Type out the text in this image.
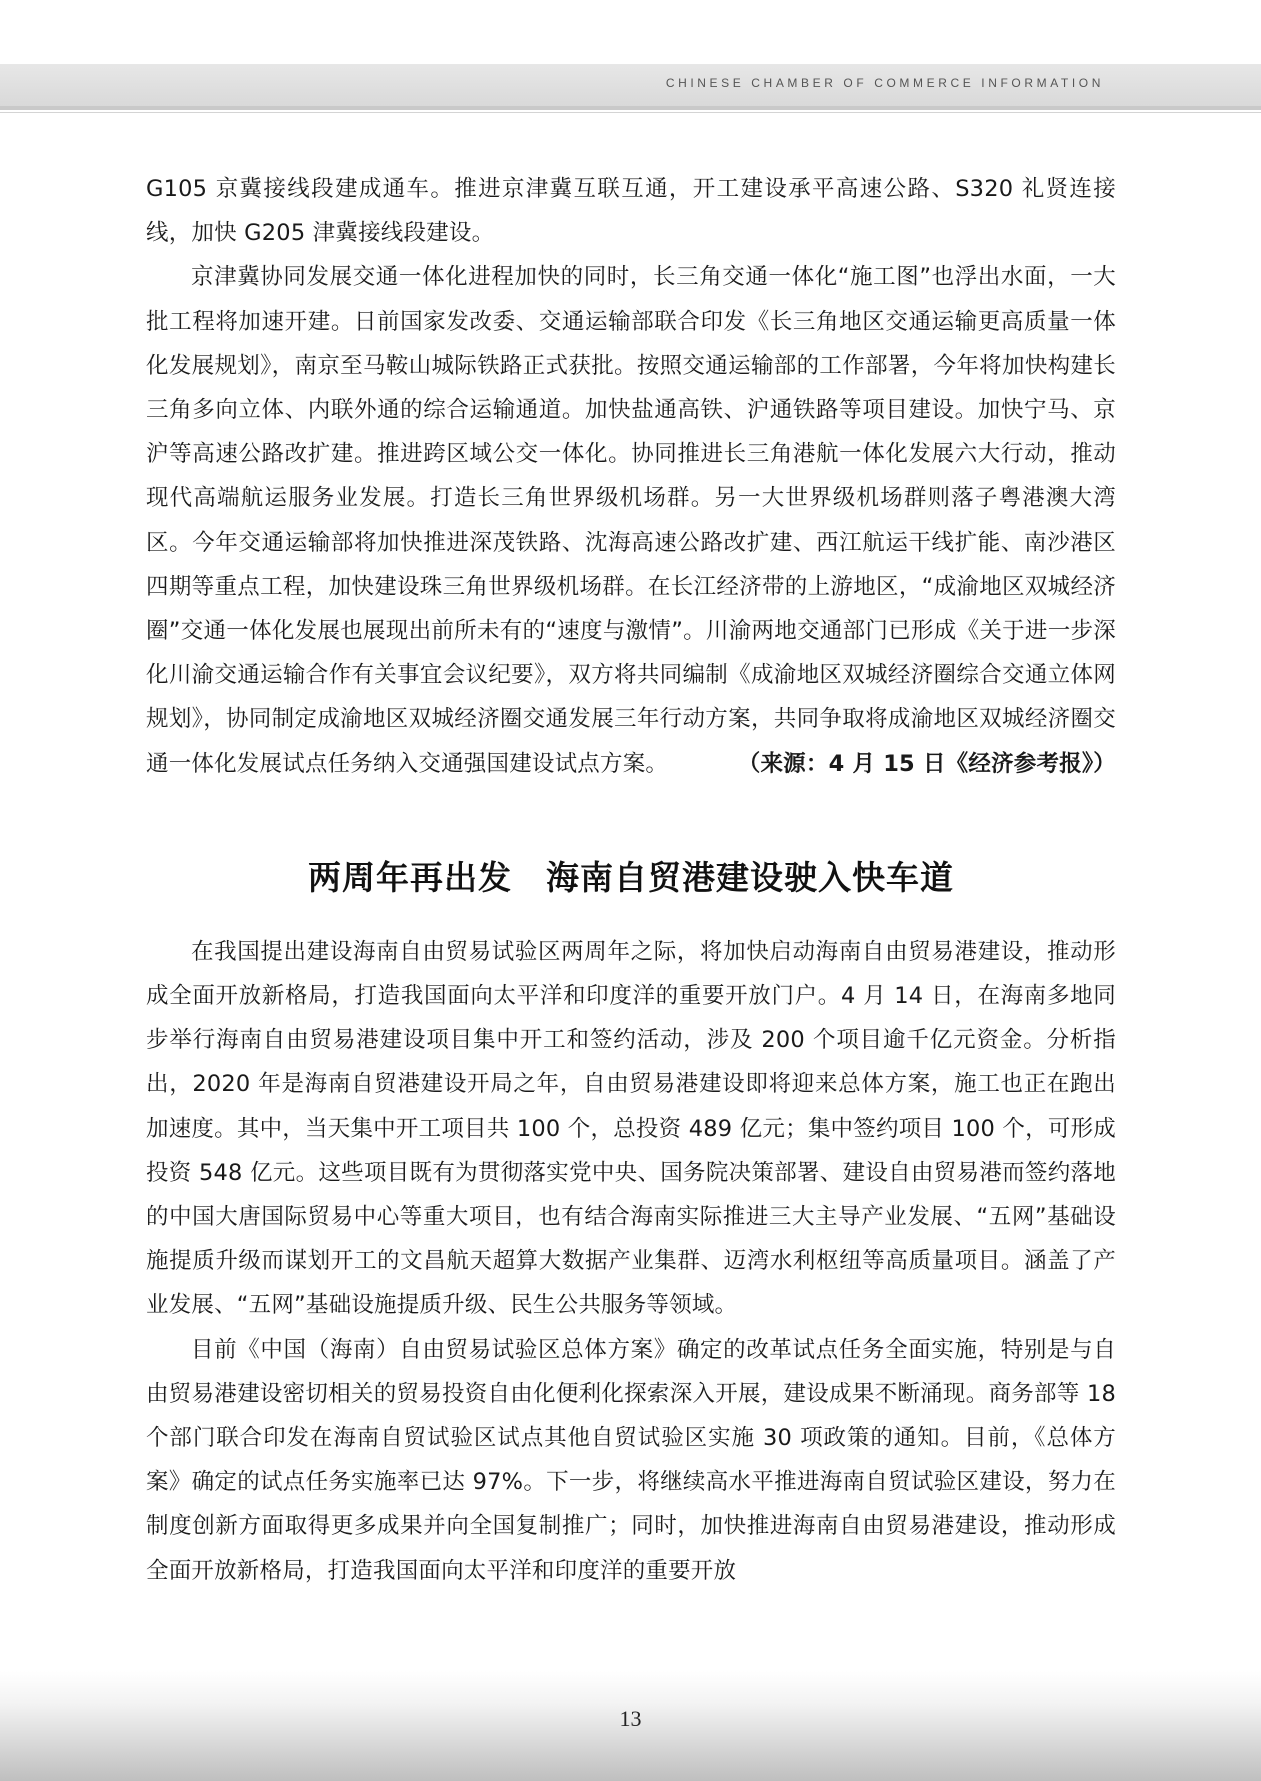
CHINESE CHAMBER OF COMMERCE INFORMATION

G105 京冀接线段建成通车。推进京津冀互联互通，开工建设承平高速公路、S320 礼贤连接线，加快 G205 津冀接线段建设。

京津冀协同发展交通一体化进程加快的同时，长三角交通一体化“施工图”也浮出水面，一大批工程将加速开建。日前国家发改委、交通运输部联合印发《长三角地区交通运输更高质量一体化发展规划》，南京至马鞍山城际铁路正式获批。按照交通运输部的工作部署，今年将加快构建长三角多向立体、内联外通的综合运输通道。加快盐通高铁、沪通铁路等项目建设。加快宁马、京沪等高速公路改扩建。推进跨区域公交一体化。协同推进长三角港航一体化发展六大行动，推动现代高端航运服务业发展。打造长三角世界级机场群。另一大世界级机场群则落子粤港澳大湾区。今年交通运输部将加快推进深茂铁路、沈海高速公路改扩建、西江航运干线扩能、南沙港区四期等重点工程，加快建设珠三角世界级机场群。在长江经济带的上游地区，“成渝地区双城经济圈”交通一体化发展也展现出前所未有的“速度与激情”。川渝两地交通部门已形成《关于进一步深化川渝交通运输合作有关事宜会议纪要》，双方将共同编制《成渝地区双城经济圈综合交通立体网规划》，协同制定成渝地区双城经济圈交通发展三年行动方案，共同争取将成渝地区双城经济圈交通一体化发展试点任务纳入交通强国建设试点方案。	（来源：4 月 15 日《经济参考报》）

两周年再出发　海南自贸港建设驶入快车道

在我国提出建设海南自由贸易试验区两周年之际，将加快启动海南自由贸易港建设，推动形成全面开放新格局，打造我国面向太平洋和印度洋的重要开放门户。4 月 14 日，在海南多地同步举行海南自由贸易港建设项目集中开工和签约活动，涉及 200 个项目逾千亿元资金。分析指出，2020 年是海南自贸港建设开局之年，自由贸易港建设即将迎来总体方案，施工也正在跑出加速度。其中，当天集中开工项目共 100 个，总投资 489 亿元；集中签约项目 100 个，可形成投资 548 亿元。这些项目既有为贯彻落实党中央、国务院决策部署、建设自由贸易港而签约落地的中国大唐国际贸易中心等重大项目，也有结合海南实际推进三大主导产业发展、“五网”基础设施提质升级而谋划开工的文昌航天超算大数据产业集群、迈湾水利枢纽等高质量项目。涵盖了产业发展、“五网”基础设施提质升级、民生公共服务等领域。

目前《中国（海南）自由贸易试验区总体方案》确定的改革试点任务全面实施，特别是与自由贸易港建设密切相关的贸易投资自由化便利化探索深入开展，建设成果不断涌现。商务部等 18 个部门联合印发在海南自贸试验区试点其他自贸试验区实施 30 项政策的通知。目前，《总体方案》确定的试点任务实施率已达 97%。下一步，将继续高水平推进海南自贸试验区建设，努力在制度创新方面取得更多成果并向全国复制推广；同时，加快推进海南自由贸易港建设，推动形成全面开放新格局，打造我国面向太平洋和印度洋的重要开放

13
